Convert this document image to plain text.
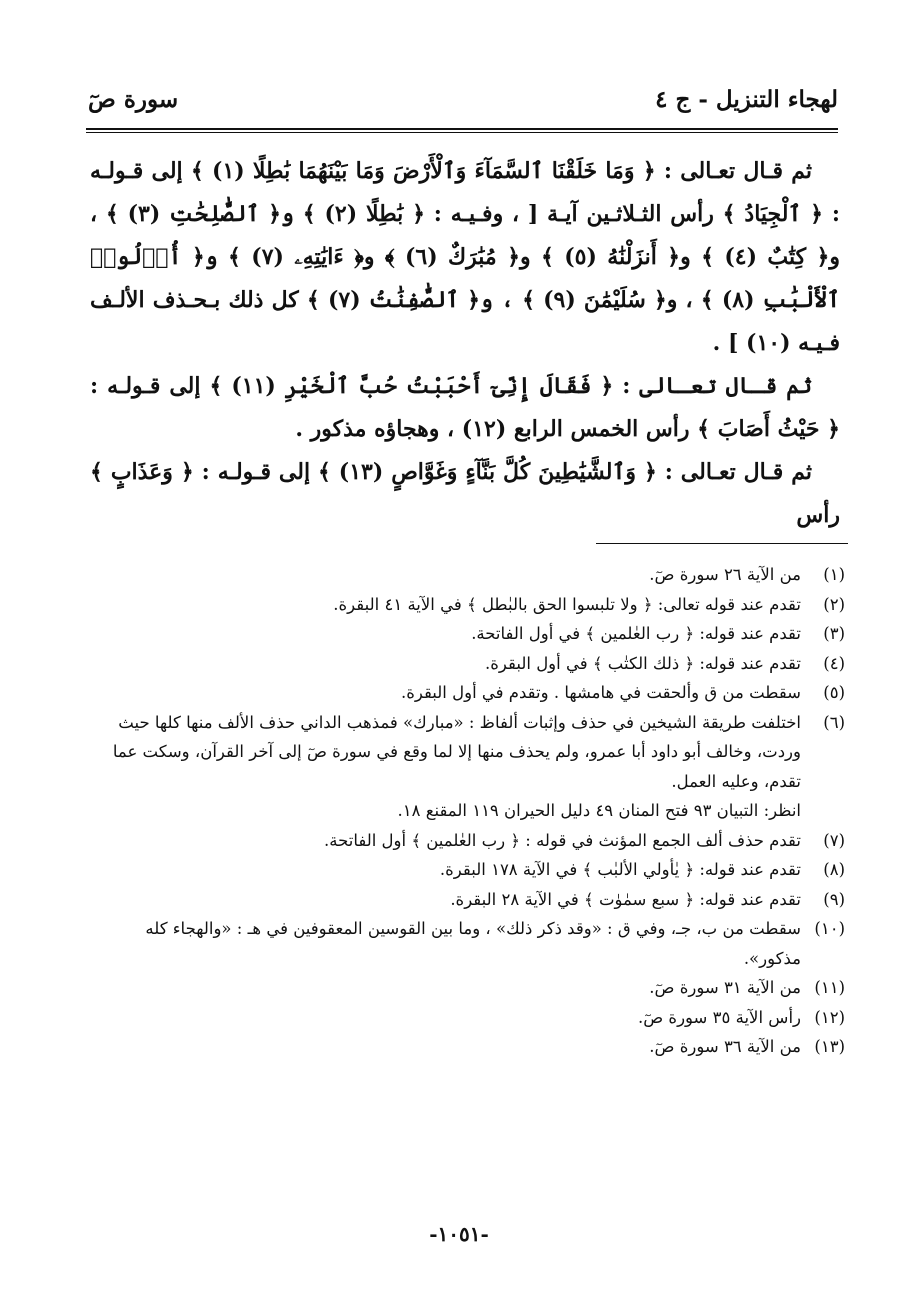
لهجاء التنزيل - ج ٤
سورة صٓ

ثم قـال تعـالى : ﴿ وَمَا خَلَقْنَا ٱلسَّمَآءَ وَٱلْأَرْضَ وَمَا بَيْنَهُمَا بَٰطِلًا (١) ﴾ إلى قـولـه : ﴿ ٱلْجِيَادُ ﴾ رأس الثـلاثـين آيـة [ ، وفـيـه : ﴿ بَٰطِلًا (٢) ﴾ و﴿ ٱلصَّٰلِحَٰتِ (٣) ﴾ ، و﴿ كِتَٰبٌ (٤) ﴾ و﴿ أَنزَلْنَٰهُ (٥) ﴾ و﴿ مُبَٰرَكٌ (٦) ﴾ و﴿ ءَايَٰتِهِۦ (٧) ﴾ و﴿ أُو۟لُوا۟ ٱلْأَلْبَٰبِ (٨) ﴾ ، و﴿ سُلَيْمَٰنَ (٩) ﴾ ، و﴿ ٱلصَّٰفِنَٰتُ (٧) ﴾ كل ذلك بـحـذف الألـف فـيـه (١٠) ] .

ثم قـال تعـالى : ﴿ فَقَالَ إِنِّىٓ أَحْبَبْتُ حُبَّ ٱلْخَيْرِ (١١) ﴾ إلى قـولـه : ﴿ حَيْثُ أَصَابَ ﴾ رأس الخمس الرابع (١٢) ، وهجاؤه مذكور .

ثم قـال تعـالى : ﴿ وَٱلشَّيَٰطِينَ كُلَّ بَنَّآءٍ وَغَوَّاصٍ (١٣) ﴾ إلى قـولـه : ﴿ وَعَذَابٍ ﴾ رأس

(١)
من الآية ٢٦ سورة صٓ.
(٢)
تقدم عند قوله تعالى: ﴿ ولا تلبسوا الحق بالبٰطل ﴾ في الآية ٤١ البقرة.
(٣)
تقدم عند قوله: ﴿ رب العٰلمين ﴾ في أول الفاتحة.
(٤)
تقدم عند قوله: ﴿ ذلك الكتٰب ﴾ في أول البقرة.
(٥)
سقطت من ق وألحقت في هامشها . وتقدم في أول البقرة.
(٦)
اختلفت طريقة الشيخين في حذف وإثبات ألفاظ : «مبارك» فمذهب الداني حذف الألف منها كلها حيث وردت، وخالف أبو داود أبا عمرو، ولم يحذف منها إلا لما وقع في سورة صٓ إلى آخر القرآن، وسكت عما تقدم، وعليه العمل.
انظر: التبيان ٩٣ فتح المنان ٤٩ دليل الحيران ١١٩ المقنع ١٨.
(٧)
تقدم حذف ألف الجمع المؤنث في قوله : ﴿ رب العٰلمين ﴾ أول الفاتحة.
(٨)
تقدم عند قوله: ﴿ يٰأولي الألبٰب ﴾ في الآية ١٧٨ البقرة.
(٩)
تقدم عند قوله: ﴿ سبع سمٰوٰت ﴾ في الآية ٢٨ البقرة.
(١٠)
سقطت من ب، جـ، وفي ق : «وقد ذكر ذلك» ، وما بين القوسين المعقوفين في هـ : «والهجاء كله مذكور».
(١١)
من الآية ٣١ سورة صٓ.
(١٢)
رأس الآية ٣٥ سورة صٓ.
(١٣)
من الآية ٣٦ سورة صٓ.
-١٠٥١-
